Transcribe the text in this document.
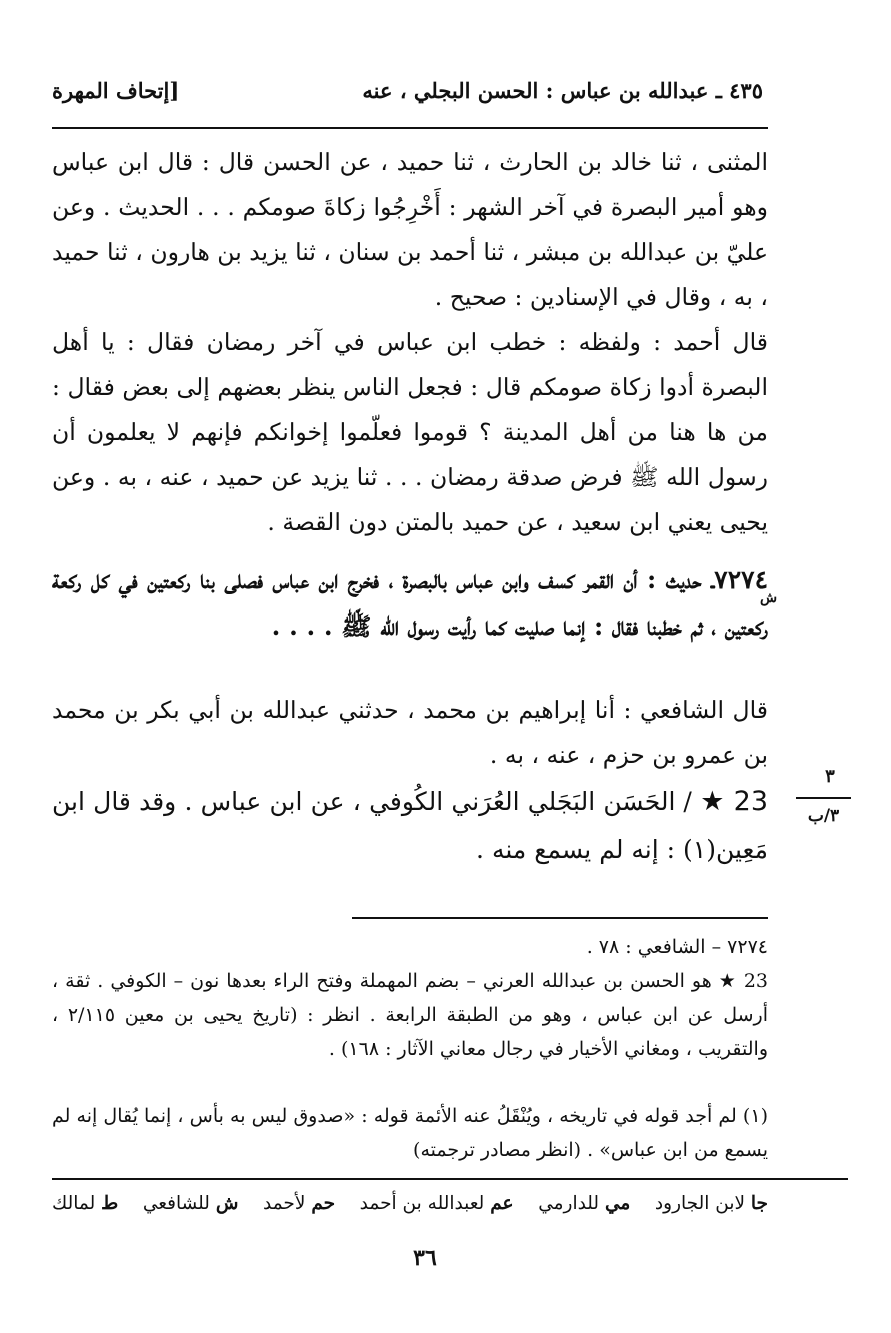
٤٣٥ ـ عبدالله بن عباس : الحسن البجلي ، عنه
[إتحاف المهرة
المثنى ، ثنا خالد بن الحارث ، ثنا حميد ، عن الحسن قال : قال ابن عباس وهو أمير البصرة في آخر الشهر : أَخْرِجُوا زكاةَ صومكم . . . الحديث . وعن عليّ بن عبدالله بن مبشر ، ثنا أحمد بن سنان ، ثنا يزيد بن هارون ، ثنا حميد ، به ، وقال في الإسنادين : صحيح .
قال أحمد : ولفظه : خطب ابن عباس في آخر رمضان فقال : يا أهل البصرة أدوا زكاة صومكم قال : فجعل الناس ينظر بعضهم إلى بعض فقال : من ها هنا من أهل المدينة ؟ قوموا فعلّموا إخوانكم فإنهم لا يعلمون أن رسول الله ﷺ فرض صدقة رمضان . . . ثنا يزيد عن حميد ، عنه ، به . وعن يحيى يعني ابن سعيد ، عن حميد بالمتن دون القصة .
٧٢٧٤ـ حديث : أن القمر كسف وابن عباس بالبصرة ، فخرج ابن عباس فصلى بنا ركعتين في كل ركعة ركعتين ، ثم خطبنا فقال : إنما صليت كما رأيت رسول الله ﷺ . . . .
ش
قال الشافعي : أنا إبراهيم بن محمد ، حدثني عبدالله بن أبي بكر بن محمد بن عمرو بن حزم ، عنه ، به .
23 ★ / الحَسَن البَجَلي العُرَني الكُوفي ، عن ابن عباس . وقد قال ابن مَعِين(١) : إنه لم يسمع منه .
٣
٣/ب
٧٢٧٤ – الشافعي : ٧٨ .
23 ★ هو الحسن بن عبدالله العرني – بضم المهملة وفتح الراء بعدها نون – الكوفي . ثقة ، أرسل عن ابن عباس ، وهو من الطبقة الرابعة . انظر : (تاريخ يحيى بن معين ٢/١١٥ ، والتقريب ، ومغاني الأخيار في رجال معاني الآثار : ١٦٨) .
(١) لم أجد قوله في تاريخه ، ويُنْقَلُ عنه الأئمة قوله : «صدوق ليس به بأس ، إنما يُقال إنه لم يسمع من ابن عباس» . (انظر مصادر ترجمته)
ط لمالك	ش للشافعي	حم لأحمد	عم لعبدالله بن أحمد	مي للدارمي	جا لابن الجارود
٣٦
